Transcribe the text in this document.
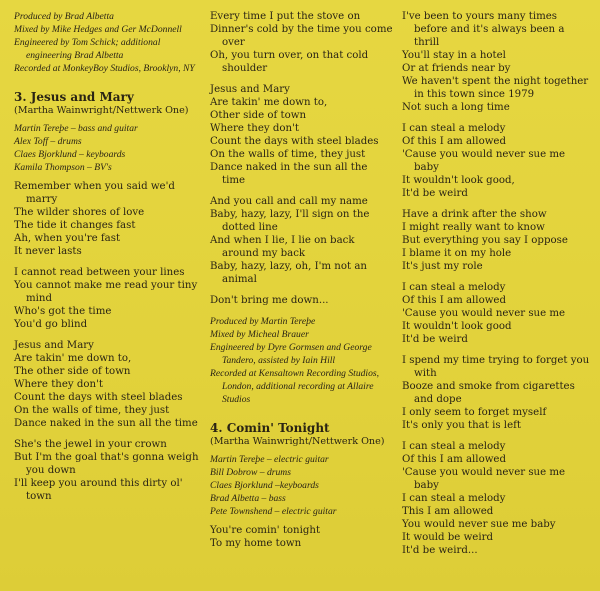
Produced by Brad Albetta

Mixed by Mike Hedges and Ger McDonnell

Engineered by Tom Schick; additional engineering Brad Albetta

Recorded at MonkeyBoy Studios, Brooklyn, NY

3. Jesus and Mary
(Martha Wainwright/Nettwerk One)

Martin Tereþe – bass and guitar

Alex Toff – drums

Claes Bjorklund – keyboards

Kamila Thompson – BV's

Remember when you said we'd marry

The wilder shores of love

The tide it changes fast

Ah, when you're fast

It never lasts

I cannot read between your lines

You cannot make me read your tiny mind

Who's got the time

You'd go blind

Jesus and Mary

Are takin' me down to,

The other side of town

Where they don't

Count the days with steel blades

On the walls of time, they just

Dance naked in the sun all the time

She's the jewel in your crown

But I'm the goal that's gonna weigh you down

I'll keep you around this dirty ol' town

Every time I put the stove on

Dinner's cold by the time you come over

Oh, you turn over, on that cold shoulder

Jesus and Mary

Are takin' me down to,

Other side of town

Where they don't

Count the days with steel blades

On the walls of time, they just

Dance naked in the sun all the time

And you call and call my name

Baby, hazy, lazy, I'll sign on the dotted line

And when I lie, I lie on back around my back

Baby, hazy, lazy, oh, I'm not an animal

Don't bring me down...

Produced by Martin Tereþe

Mixed by Micheal Brauer

Engineered by Dyre Gormsen and George Tandero, assisted by Iain Hill

Recorded at Kensaltown Recording Studios, London, additional recording at Allaire Studios

4. Comin' Tonight
(Martha Wainwright/Nettwerk One)

Martin Tereþe – electric guitar

Bill Dobrow – drums

Claes Bjorklund –keyboards

Brad Albetta – bass

Pete Townshend – electric guitar

You're comin' tonight

To my home town

I've been to yours many times before and it's always been a thrill

You'll stay in a hotel

Or at friends near by

We haven't spent the night together in this town since 1979

Not such a long time

I can steal a melody

Of this I am allowed

'Cause you would never sue me baby

It wouldn't look good,

It'd be weird

Have a drink after the show

I might really want to know

But everything you say I oppose

I blame it on my hole

It's just my role

I can steal a melody

Of this I am allowed

'Cause you would never sue me

It wouldn't look good

It'd be weird

I spend my time trying to forget you with

Booze and smoke from cigarettes and dope

I only seem to forget myself

It's only you that is left

I can steal a melody

Of this I am allowed

'Cause you would never sue me baby

I can steal a melody

This I am allowed

You would never sue me baby

It would be weird

It'd be weird...
